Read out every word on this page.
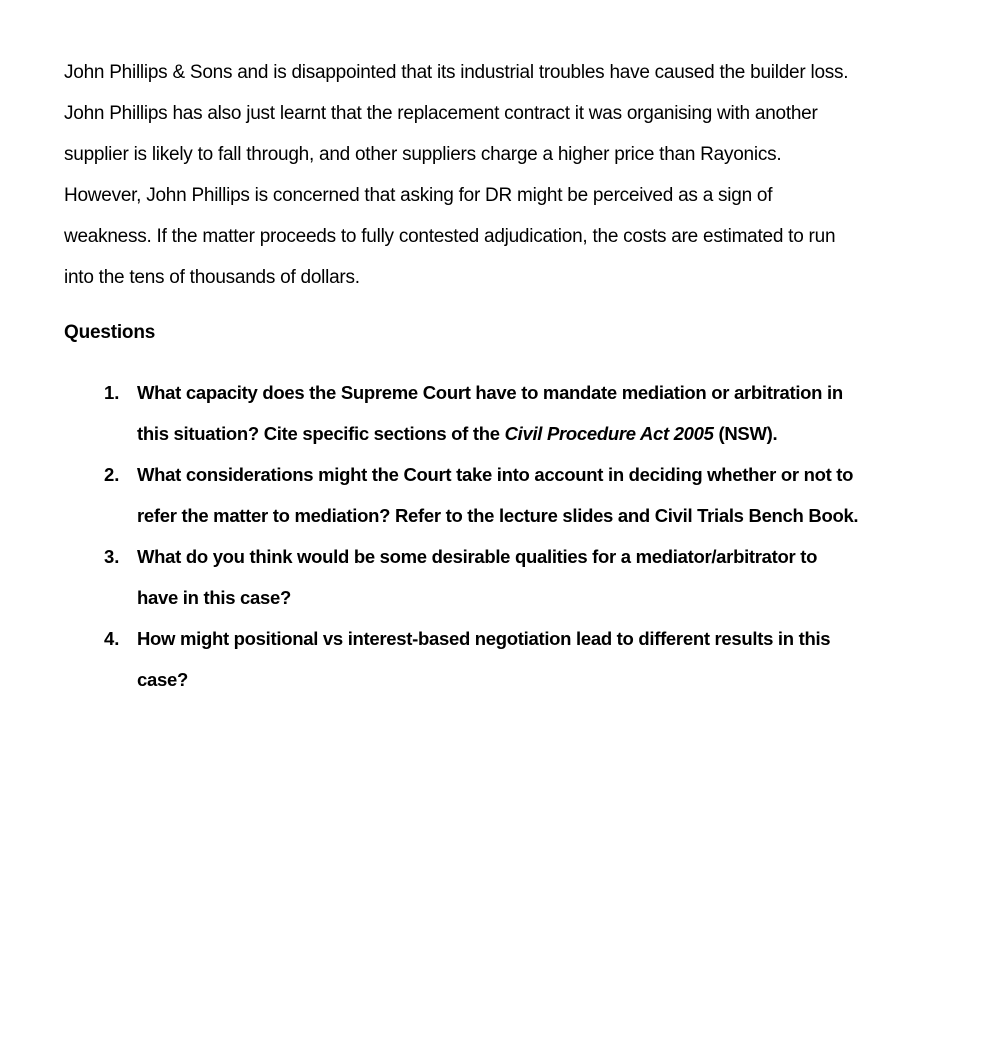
John Phillips & Sons and is disappointed that its industrial troubles have caused the builder loss.
John Phillips has also just learnt that the replacement contract it was organising with another
supplier is likely to fall through, and other suppliers charge a higher price than Rayonics.
However, John Phillips is concerned that asking for DR might be perceived as a sign of
weakness. If the matter proceeds to fully contested adjudication, the costs are estimated to run
into the tens of thousands of dollars.
Questions
1. What capacity does the Supreme Court have to mandate mediation or arbitration in
this situation? Cite specific sections of the Civil Procedure Act 2005 (NSW).
2. What considerations might the Court take into account in deciding whether or not to
refer the matter to mediation? Refer to the lecture slides and Civil Trials Bench Book.
3. What do you think would be some desirable qualities for a mediator/arbitrator to
have in this case?
4. How might positional vs interest-based negotiation lead to different results in this
case?
